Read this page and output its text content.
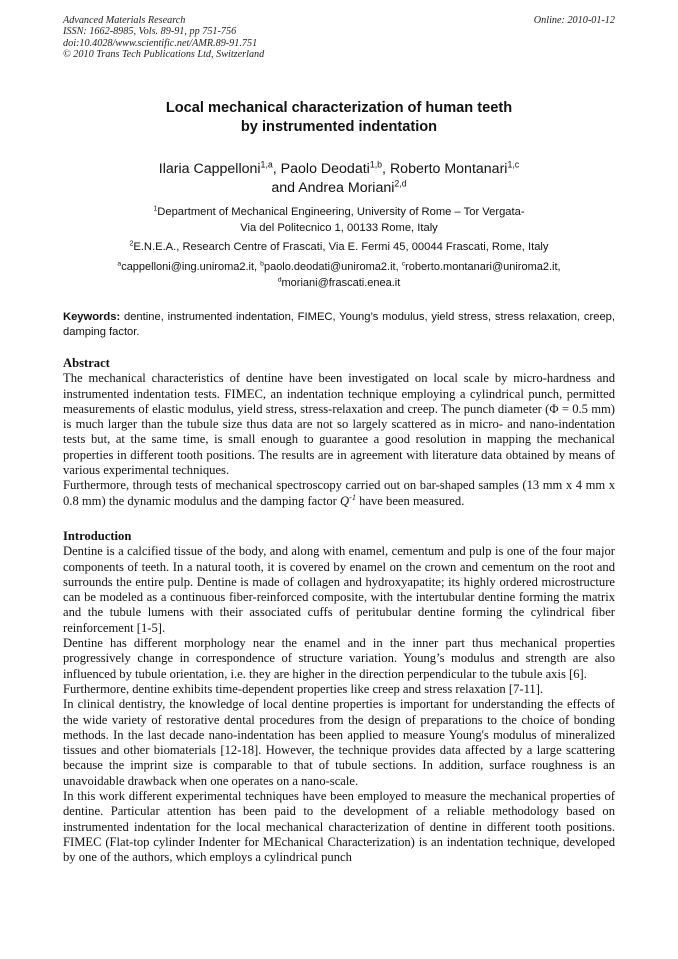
Advanced Materials Research
ISSN: 1662-8985, Vols. 89-91, pp 751-756
doi:10.4028/www.scientific.net/AMR.89-91.751
© 2010 Trans Tech Publications Ltd, Switzerland
Online: 2010-01-12
Local mechanical characterization of human teeth
by instrumented indentation
Ilaria Cappelloni$^{1,a}$, Paolo Deodati$^{1,b}$, Roberto Montanari$^{1,c}$
and Andrea Moriani$^{2,d}$
$^1$Department of Mechanical Engineering, University of Rome – Tor Vergata-
Via del Politecnico 1, 00133 Rome, Italy
$^2$E.N.E.A., Research Centre of Frascati, Via E. Fermi 45, 00044 Frascati, Rome, Italy
$^a$cappelloni@ing.uniroma2.it, $^b$paolo.deodati@uniroma2.it, $^c$roberto.montanari@uniroma2.it,
$^d$moriani@frascati.enea.it
Keywords: dentine, instrumented indentation, FIMEC, Young’s modulus, yield stress, stress relaxation, creep, damping factor.
Abstract

The mechanical characteristics of dentine have been investigated on local scale by micro-hardness and instrumented indentation tests. FIMEC, an indentation technique employing a cylindrical punch, permitted measurements of elastic modulus, yield stress, stress-relaxation and creep. The punch diameter (Φ = 0.5 mm) is much larger than the tubule size thus data are not so largely scattered as in micro- and nano-indentation tests but, at the same time, is small enough to guarantee a good resolution in mapping the mechanical properties in different tooth positions. The results are in agreement with literature data obtained by means of various experimental techniques.

Furthermore, through tests of mechanical spectroscopy carried out on bar-shaped samples (13 mm x 4 mm x 0.8 mm) the dynamic modulus and the damping factor $Q^{-1}$ have been measured.

Introduction

Dentine is a calcified tissue of the body, and along with enamel, cementum and pulp is one of the four major components of teeth. In a natural tooth, it is covered by enamel on the crown and cementum on the root and surrounds the entire pulp. Dentine is made of collagen and hydroxyapatite; its highly ordered microstructure can be modeled as a continuous fiber-reinforced composite, with the intertubular dentine forming the matrix and the tubule lumens with their associated cuffs of peritubular dentine forming the cylindrical fiber reinforcement [1-5].

Dentine has different morphology near the enamel and in the inner part thus mechanical properties progressively change in correspondence of structure variation. Young’s modulus and strength are also influenced by tubule orientation, i.e. they are higher in the direction perpendicular to the tubule axis [6].

Furthermore, dentine exhibits time-dependent properties like creep and stress relaxation [7-11].

In clinical dentistry, the knowledge of local dentine properties is important for understanding the effects of the wide variety of restorative dental procedures from the design of preparations to the choice of bonding methods. In the last decade nano-indentation has been applied to measure Young's modulus of mineralized tissues and other biomaterials [12-18]. However, the technique provides data affected by a large scattering because the imprint size is comparable to that of tubule sections. In addition, surface roughness is an unavoidable drawback when one operates on a nano-scale.

In this work different experimental techniques have been employed to measure the mechanical properties of dentine. Particular attention has been paid to the development of a reliable methodology based on instrumented indentation for the local mechanical characterization of dentine in different tooth positions. FIMEC (Flat-top cylinder Indenter for MEchanical Characterization) is an indentation technique, developed by one of the authors, which employs a cylindrical punch
